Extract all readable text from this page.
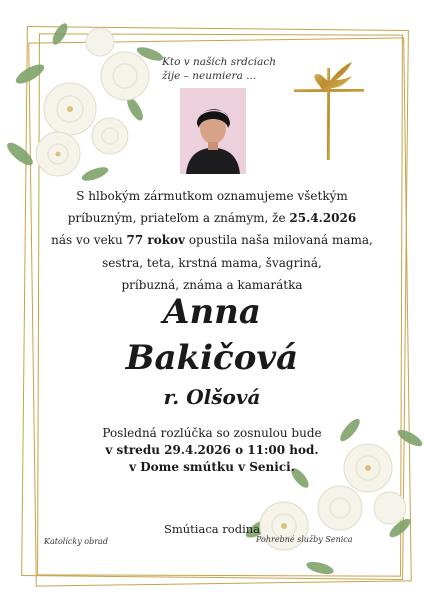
Kto v našich srdciach
žije – neumiera ...
S hlbokým zármutkom oznamujeme všetkým
príbuzným, priateľom a známym, že 25.4.2026
nás vo veku 77 rokov opustila naša milovaná mama,
sestra, teta, krstná mama, švagriná,
príbuzná, známa a kamarátka
Anna
Bakičová
r. Olšová
Posledná rozlúčka so zosnulou bude
v stredu 29.4.2026 o 11:00 hod.
v Dome smútku v Senici.
Smútiaca rodina
Katolícky obrad	Pohrebné služby Senica
